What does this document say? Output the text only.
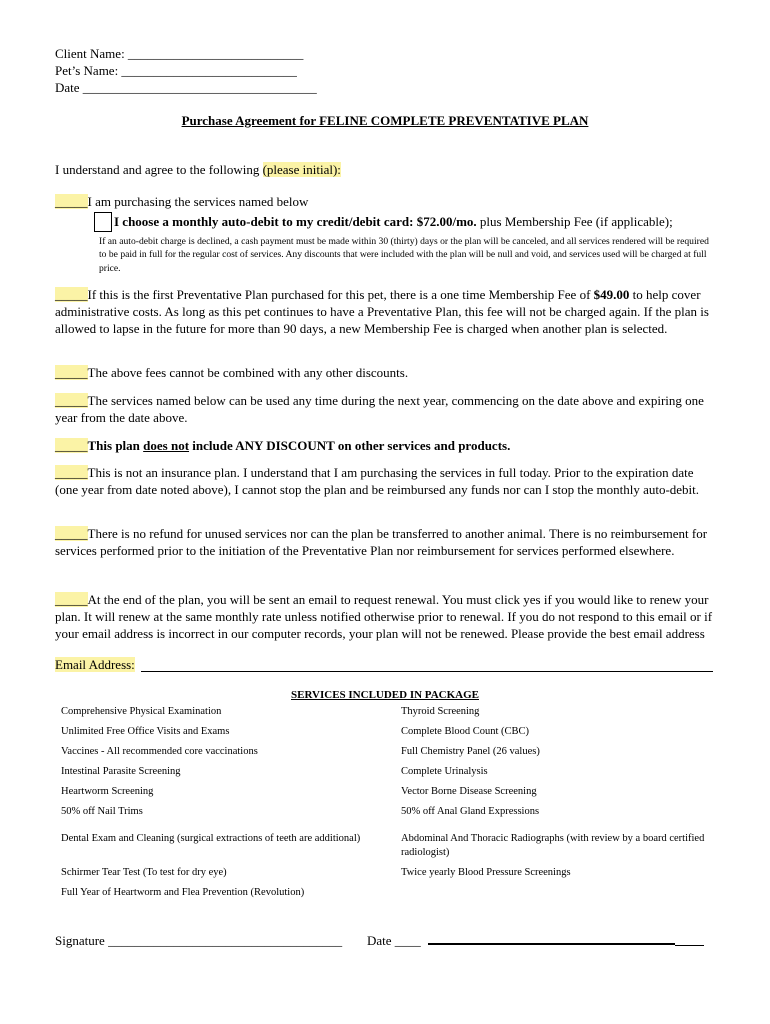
Client Name: ___________________________
Pet’s Name: ___________________________
Date ____________________________________
Purchase Agreement for FELINE COMPLETE PREVENTATIVE PLAN
I understand and agree to the following (please initial):
_____I am purchasing the services named below
I choose a monthly auto-debit to my credit/debit card: $72.00/mo. plus Membership Fee (if applicable);
If an auto-debit charge is declined, a cash payment must be made within 30 (thirty) days or the plan will be canceled, and all services rendered will be required to be paid in full for the regular cost of services. Any discounts that were included with the plan will be null and void, and services used will be charged at full price.
_____If this is the first Preventative Plan purchased for this pet, there is a one time Membership Fee of $49.00 to help cover administrative costs. As long as this pet continues to have a Preventative Plan, this fee will not be charged again. If the plan is allowed to lapse in the future for more than 90 days, a new Membership Fee is charged when another plan is selected.
_____The above fees cannot be combined with any other discounts.
_____The services named below can be used any time during the next year, commencing on the date above and expiring one year from the date above.
_____This plan does not include ANY DISCOUNT on other services and products.
_____This is not an insurance plan. I understand that I am purchasing the services in full today. Prior to the expiration date (one year from date noted above), I cannot stop the plan and be reimbursed any funds nor can I stop the monthly auto-debit.
_____There is no refund for unused services nor can the plan be transferred to another animal. There is no reimbursement for services performed prior to the initiation of the Preventative Plan nor reimbursement for services performed elsewhere.
_____At the end of the plan, you will be sent an email to request renewal. You must click yes if you would like to renew your plan. It will renew at the same monthly rate unless notified otherwise prior to renewal. If you do not respond to this email or if your email address is incorrect in our computer records, your plan will not be renewed. Please provide the best email address
Email Address:
SERVICES INCLUDED IN PACKAGE
Comprehensive Physical Examination
Unlimited Free Office Visits and Exams
Vaccines - All recommended core vaccinations
Intestinal Parasite Screening
Heartworm Screening
50% off Nail Trims
Dental Exam and Cleaning (surgical extractions of teeth are additional)
Schirmer Tear Test (To test for dry eye)
Full Year of Heartworm and Flea Prevention (Revolution)
Thyroid Screening
Complete Blood Count (CBC)
Full Chemistry Panel (26 values)
Complete Urinalysis
Vector Borne Disease Screening
50% off Anal Gland Expressions
Abdominal And Thoracic Radiographs (with review by a board certified radiologist)
Twice yearly Blood Pressure Screenings
Signature ____________________________________ Date ____
